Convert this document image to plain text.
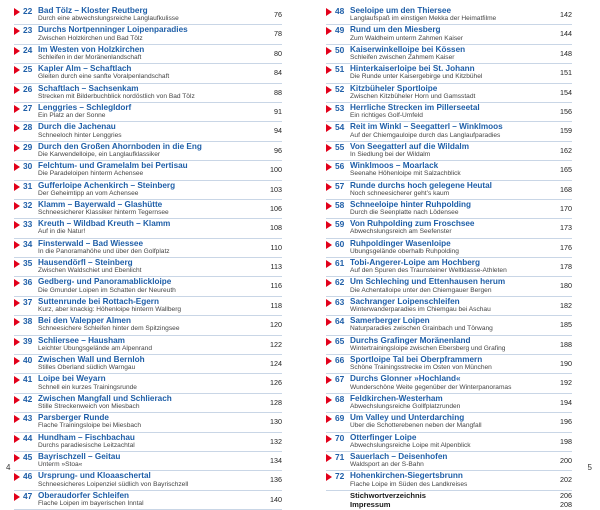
22 Bad Tölz – Kloster Reutberg
Durch eine abwechslungsreiche Langlaufkulisse	76
23 Durchs Nortpenninger Loipenparadies
Zwischen Holzkirchen und Bad Tölz	78
24 Im Westen von Holzkirchen
Schleifen in der Moränenlandschaft	80
25 Kapler Alm – Schaftlach
Gleiten durch eine sanfte Voralpenlandschaft	84
26 Schaftlach – Sachsenkam
Strecken mit Bilderbuchblick nordöstlich von Bad Tölz	88
27 Lenggries – Schlegldorf
Ein Platz an der Sonne	91
28 Durch die Jachenau
Schneeloch hinter Lenggries	94
29 Durch den Großen Ahornboden in die Eng
Die Karwendelloipe, ein Langlaufklassiker	96
30 Felchtum- und Gramelalm bei Pertisau
Die Paradeloipen hinterm Achensee	100
31 Gufferloipe Achenkirch – Steinberg
Der Geheimtipp an vom Achensee	103
32 Klamm – Bayerwald – Glashütte
Schneesicherer Klassiker hinterm Tegernsee	106
33 Kreuth – Wildbad Kreuth – Klamm
Auf in die Natur!	108
34 Finsterwald – Bad Wiessee
In die Panoramahöhe und über den Golfplatz	110
35 Hausendörfl – Steinberg
Zwischen Waldschiet und Ebenlicht	113
36 Gedberg- und Panoramablickloipe
Die Gmunder Loipen im Schatten der Neureuth	116
37 Suttenrunde bei Rottach-Egern
Kurz, aber knackig: Höhenloipe hinterm Wallberg	118
38 Bei den Valepper Almen
Schneesichere Schleifen hinter dem Spitzingsee	120
39 Schliersee – Hausham
Leichter Übungsgelände am Alpenrand	122
40 Zwischen Wall und Bernloh
Stilles Oberland südlich Warngau	124
41 Loipe bei Weyarn
Schnell ein kurzes Trainingsrunde	126
42 Zwischen Mangfall und Schlierach
Stille Streckenweich von Miesbach	128
43 Parsberger Runde
Flache Trainingsloipe bei Miesbach	130
44 Hundham – Fischbachau
Durchs paradiesische Leitzachtal	132
45 Bayrischzell – Geitau
Unterm »Stoa«	134
46 Ursprung- und Kloaaschertal
Schneesicheres Loipenziel südlich von Bayrischzell	136
47 Oberaudorfer Schleifen
Flache Loipen im bayerischen Inntal	140
48 Seeloipe um den Thiersee
Langlaufspaß im einstigen Mekka der Heimatfilme	142
49 Rund um den Miesberg
Zum Waldheim unterm Zahmen Kaiser	144
50 Kaiserwinkelloipe bei Kössen
Schleifen zwischen Zahmem Kaiser	148
51 Hinterkaiserloipe bei St. Johann
Die Runde unter Kaisergebirge und Kitzbühel	151
52 Kitzbüheler Sportloipe
Zwischen Kitzbüheler Horn und Gamsstadt	154
53 Herrliche Strecken im Pillerseetal
Ein richtiges Golf-Umfeld	156
54 Reit im Winkl – Seegatterl – Winklmoos
Auf der Chiemgauloipe durch das Langlaufparadies	159
55 Von Seegatterl auf die Wildalm
In Siedlung bei der Wildalm	162
56 Winklmoos – Moarlack
Seenahe Höhenloipe mit Salzachblick	165
57 Runde durchs hoch gelegene Heutal
Noch schneesicherer geht’s kaum	168
58 Schneeloipe hinter Ruhpolding
Durch die Seenplatte nach Lödensee	170
59 Von Ruhpolding zum Froschsee
Abwechslungsreich am Seefenster	173
60 Ruhpoldinger Wasenloipe
Übungsgelände oberhalb Ruhpolding	176
61 Tobi-Angerer-Loipe am Hochberg
Auf den Spuren des Traunsteiner Weltklasse-Athleten	178
62 Um Schleching und Ettenhausen herum
Die Achentalloipe unter den Chiemgauer Bergen	180
63 Sachranger Loipenschleifen
Winterwanderparadies im Chiemgau bei Aschau	182
64 Samerberger Loipen
Naturparadies zwischen Grainbach und Törwang	185
65 Durchs Grafinger Moränenland
Wintertrainingsloipe zwischen Ebersberg und Grafing	188
66 Sportloipe Tal bei Oberpframmern
Schöne Trainingsstrecke im Osten von München	190
67 Durchs Glonner »Hochland«
Wunderschöne Weite gegenüber der Winterpanoramas	192
68 Feldkirchen-Westerham
Abwechslungsreiche Gollfplatzrunden	194
69 Um Valley und Unterdarching
Über die Schotterebenen neben der Mangfall	196
70 Otterfinger Loipe
Abwechslungsreiche Loipe mit Alpenblick	198
71 Sauerlach – Deisenhofen
Waldsport an der S-Bahn	200
72 Hohenkirchen-Siegertsbrunn
Flache Loipe im Süden des Landkreises	202
Stichwortverzeichnis	206
Impressum	208
4	5
